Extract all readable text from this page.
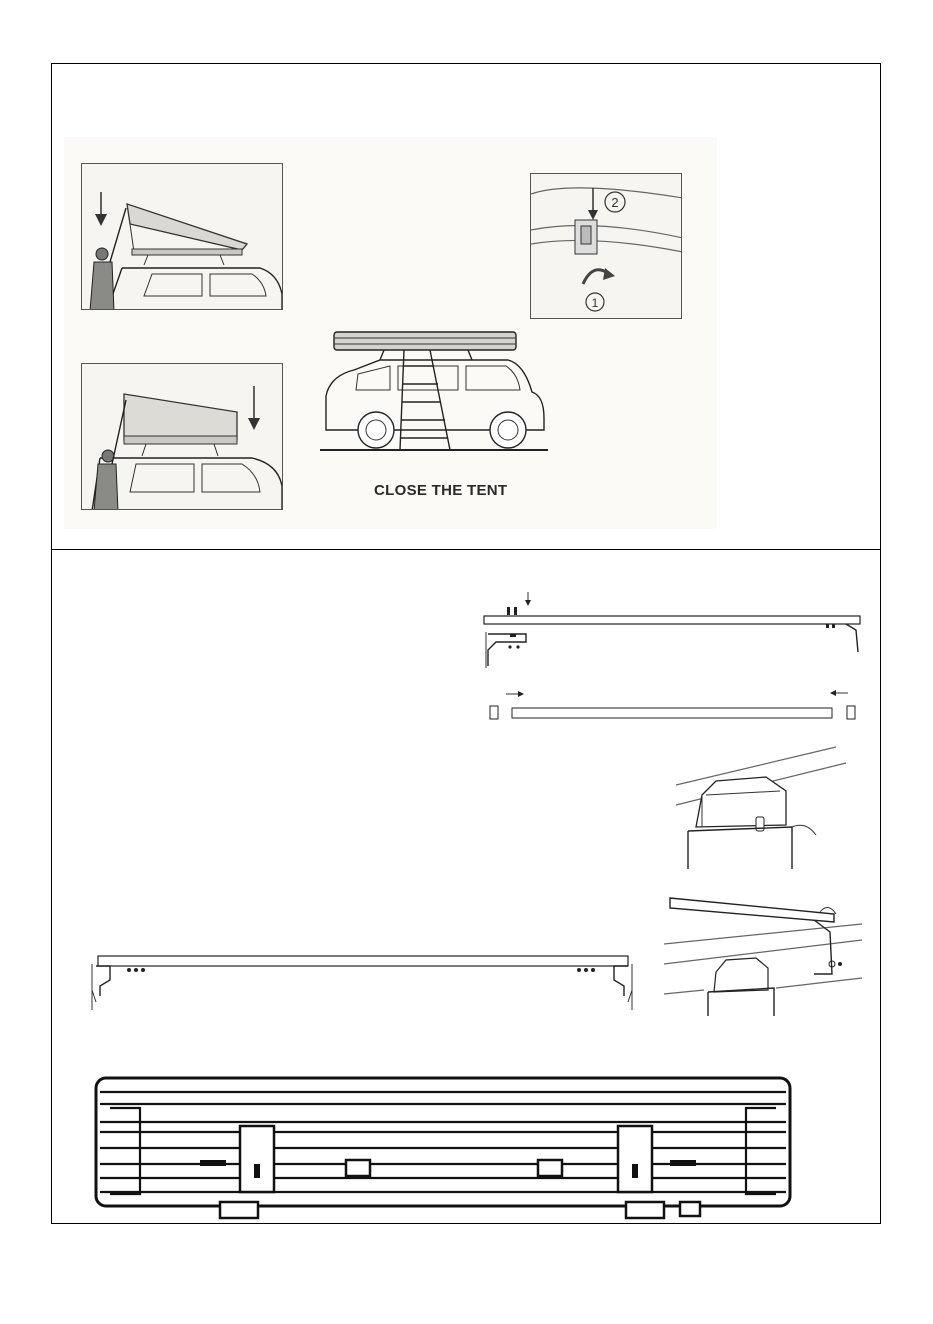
CLOSE THE TENT
2
1
